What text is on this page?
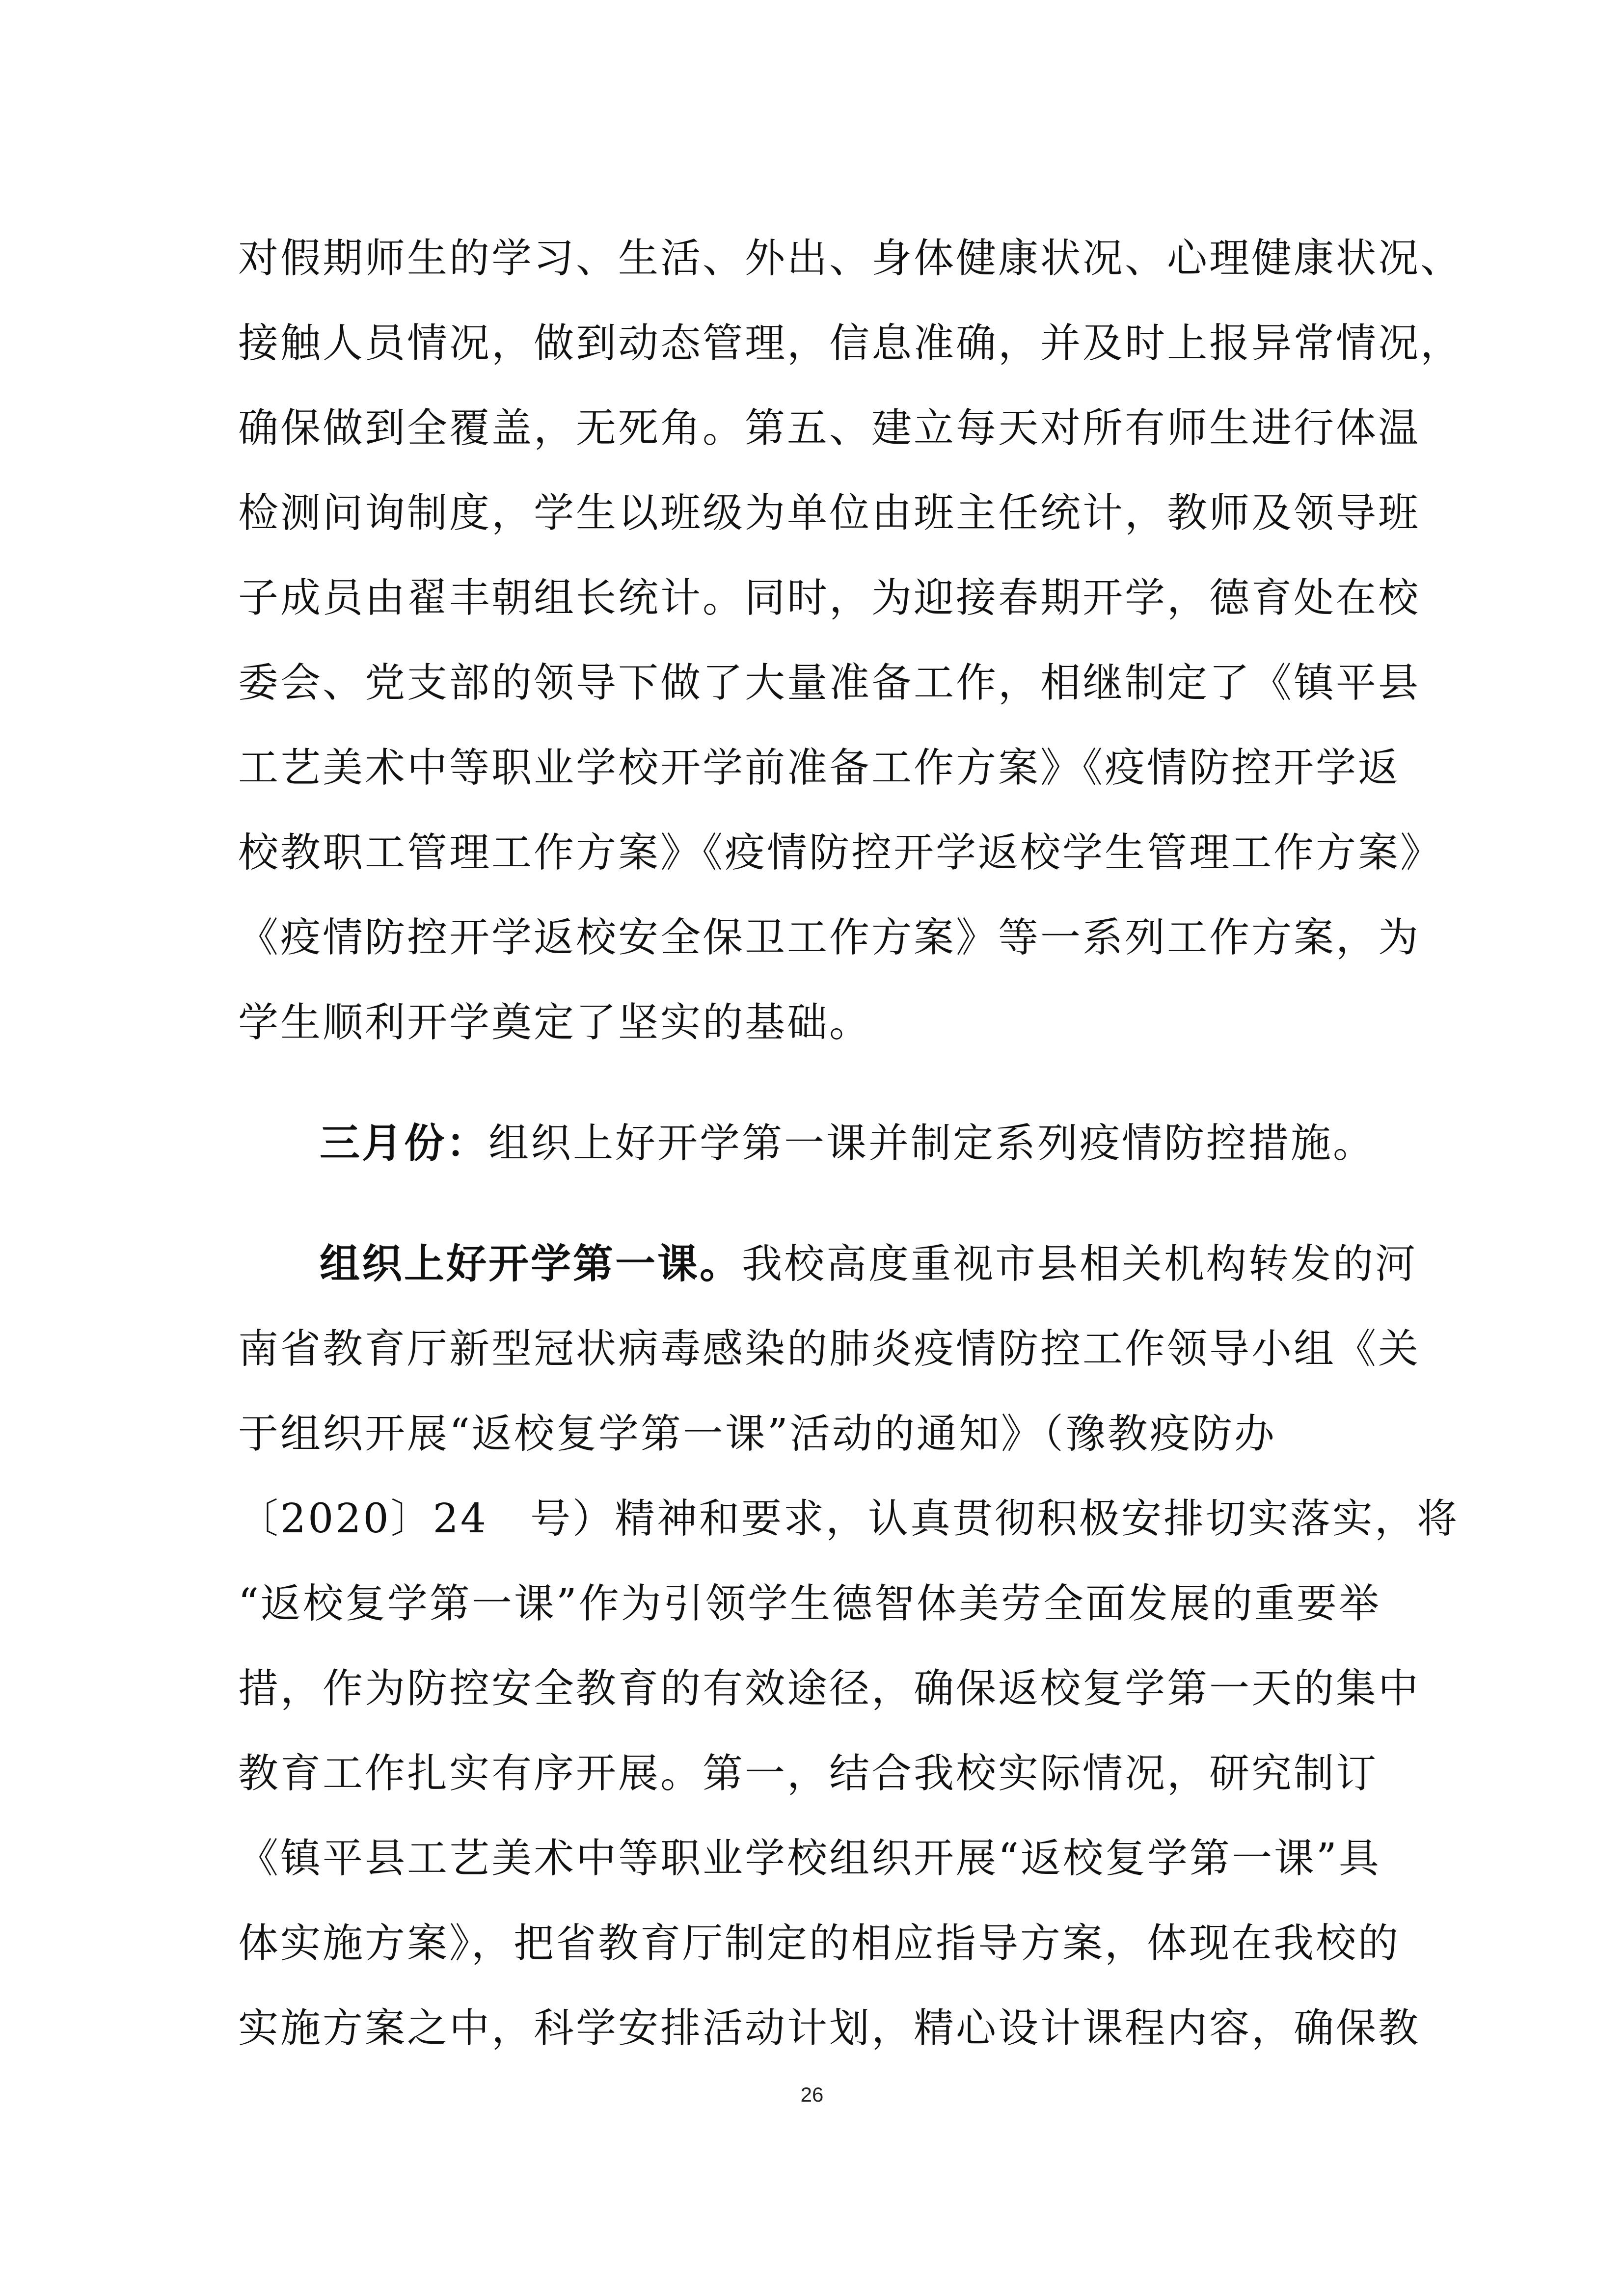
对假期师生的学习、生活、外出、身体健康状况、心理健康状况、
接触人员情况，做到动态管理，信息准确，并及时上报异常情况，
确保做到全覆盖，无死角。第五、建立每天对所有师生进行体温
检测问询制度，学生以班级为单位由班主任统计，教师及领导班
子成员由翟丰朝组长统计。同时，为迎接春期开学，德育处在校
委会、党支部的领导下做了大量准备工作，相继制定了《镇平县
工艺美术中等职业学校开学前准备工作方案》《疫情防控开学返
校教职工管理工作方案》《疫情防控开学返校学生管理工作方案》
《疫情防控开学返校安全保卫工作方案》等一系列工作方案，为
学生顺利开学奠定了坚实的基础。
三月份：组织上好开学第一课并制定系列疫情防控措施。
组织上好开学第一课。我校高度重视市县相关机构转发的河
南省教育厅新型冠状病毒感染的肺炎疫情防控工作领导小组《关
于组织开展“返校复学第一课”活动的通知》（豫教疫防办
〔2020〕24　号）精神和要求，认真贯彻积极安排切实落实，将
“返校复学第一课”作为引领学生德智体美劳全面发展的重要举
措，作为防控安全教育的有效途径，确保返校复学第一天的集中
教育工作扎实有序开展。第一，结合我校实际情况，研究制订
《镇平县工艺美术中等职业学校组织开展“返校复学第一课”具
体实施方案》，把省教育厅制定的相应指导方案，体现在我校的
实施方案之中，科学安排活动计划，精心设计课程内容，确保教
26
